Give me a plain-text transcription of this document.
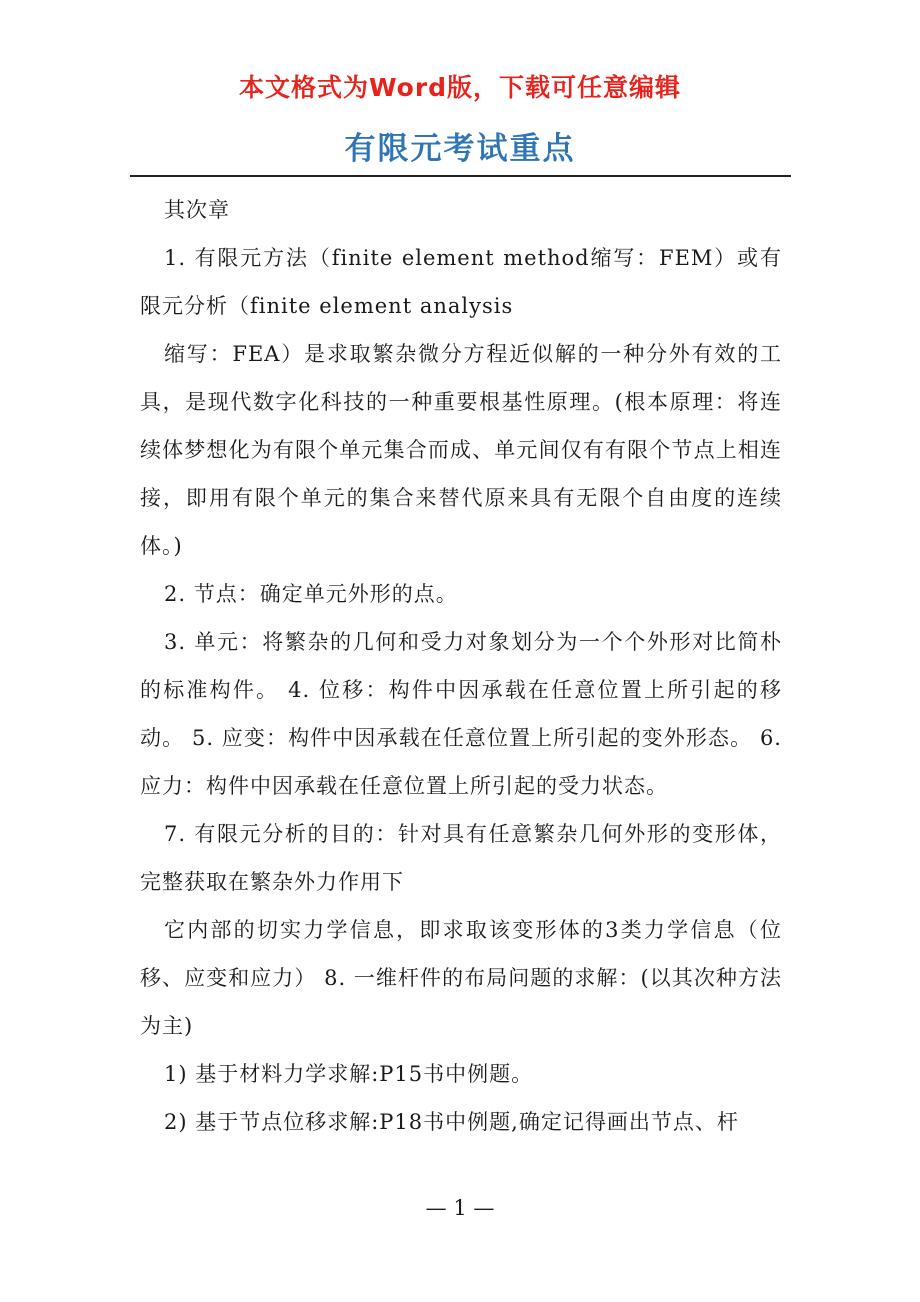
本文格式为Word版，下载可任意编辑
有限元考试重点

其次章

1. 有限元方法（finite element method缩写：FEM）或有限元分析（finite element analysis

缩写：FEA）是求取繁杂微分方程近似解的一种分外有效的工具，是现代数字化科技的一种重要根基性原理。(根本原理：将连续体梦想化为有限个单元集合而成、单元间仅有有限个节点上相连接，即用有限个单元的集合来替代原来具有无限个自由度的连续体。)

2. 节点：确定单元外形的点。

3. 单元：将繁杂的几何和受力对象划分为一个个外形对比简朴的标准构件。 4. 位移：构件中因承载在任意位置上所引起的移动。 5. 应变：构件中因承载在任意位置上所引起的变外形态。 6. 应力：构件中因承载在任意位置上所引起的受力状态。

7. 有限元分析的目的：针对具有任意繁杂几何外形的变形体，完整获取在繁杂外力作用下

它内部的切实力学信息，即求取该变形体的3类力学信息（位移、应变和应力） 8. 一维杆件的布局问题的求解：(以其次种方法为主)

1) 基于材料力学求解:P15书中例题。

2) 基于节点位移求解:P18书中例题,确定记得画出节点、杆

— 1 —
